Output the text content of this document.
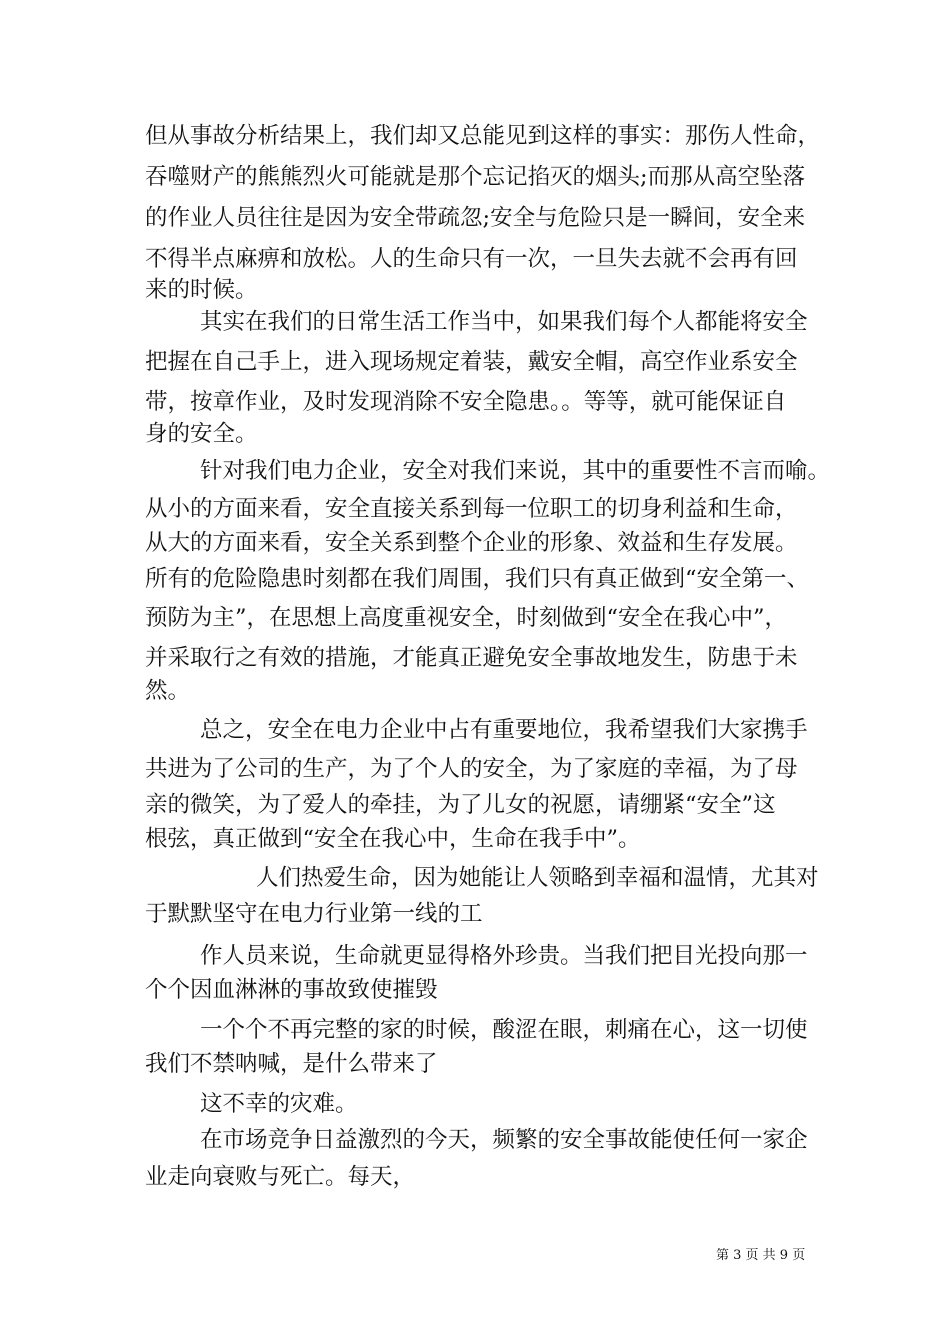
但从事故分析结果上，我们却又总能见到这样的事实：那伤人性命，
吞噬财产的熊熊烈火可能就是那个忘记掐灭的烟头;而那从高空坠落
的作业人员往往是因为安全带疏忽;安全与危险只是一瞬间，安全来
不得半点麻痹和放松。人的生命只有一次，一旦失去就不会再有回
来的时候。
其实在我们的日常生活工作当中，如果我们每个人都能将安全
把握在自己手上，进入现场规定着装，戴安全帽，高空作业系安全
带，按章作业，及时发现消除不安全隐患。。等等，就可能保证自
身的安全。
针对我们电力企业，安全对我们来说，其中的重要性不言而喻。
从小的方面来看，安全直接关系到每一位职工的切身利益和生命，
从大的方面来看，安全关系到整个企业的形象、效益和生存发展。
所有的危险隐患时刻都在我们周围，我们只有真正做到“安全第一、
预防为主”，在思想上高度重视安全，时刻做到“安全在我心中”，
并采取行之有效的措施，才能真正避免安全事故地发生，防患于未
然。
总之，安全在电力企业中占有重要地位，我希望我们大家携手
共进为了公司的生产，为了个人的安全，为了家庭的幸福，为了母
亲的微笑，为了爱人的牵挂，为了儿女的祝愿，请绷紧“安全”这
根弦，真正做到“安全在我心中，生命在我手中”。
人们热爱生命，因为她能让人领略到幸福和温情，尤其对
于默默坚守在电力行业第一线的工
作人员来说，生命就更显得格外珍贵。当我们把目光投向那一
个个因血淋淋的事故致使摧毁
一个个不再完整的家的时候，酸涩在眼，刺痛在心，这一切使
我们不禁呐喊，是什么带来了
这不幸的灾难。
在市场竞争日益激烈的今天，频繁的安全事故能使任何一家企
业走向衰败与死亡。每天，
第 3 页 共 9 页
